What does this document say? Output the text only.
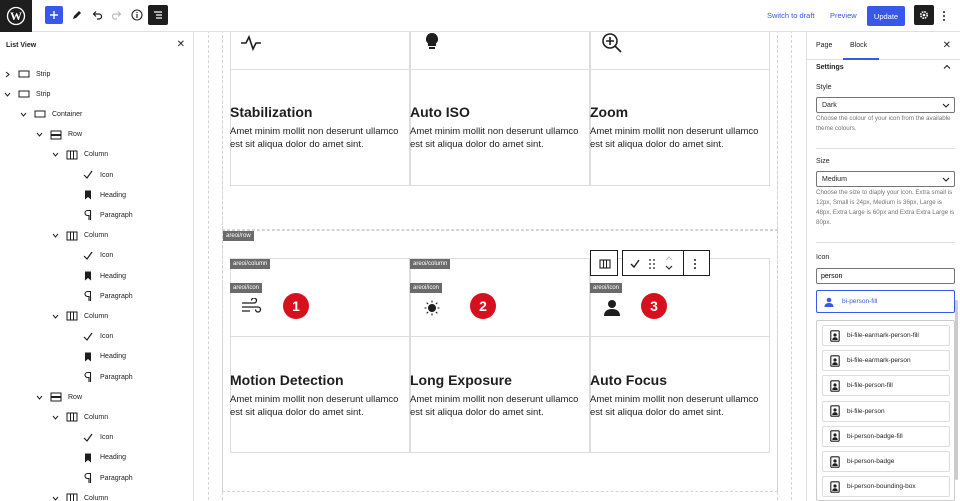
W	Switch to draft Preview	Update
List View	✕
Strip
Strip
Container
Row
Column
Icon
Heading
Paragraph
Column
Icon
Heading
Paragraph
Column
Icon
Heading
Paragraph
Row
Column
Icon
Heading
Paragraph
Column
Stabilization	Auto ISO	Zoom
Amet minim mollit non deserunt ullamco est sit aliqua dolor do amet sint.
Amet minim mollit non deserunt ullamco est sit aliqua dolor do amet sint.
Amet minim mollit non deserunt ullamco est sit aliqua dolor do amet sint.
areoi/row
areoi/column	areoi/column
areoi/icon	areoi/icon	areoi/icon
1	2	3
Motion Detection	Long Exposure	Auto Focus
Amet minim mollit non deserunt ullamco est sit aliqua dolor do amet sint.
Amet minim mollit non deserunt ullamco est sit aliqua dolor do amet sint.
Amet minim mollit non deserunt ullamco est sit aliqua dolor do amet sint.
Page	Block	✕
Settings
Style
Dark
Choose the colour of your icon from the available theme colours.
Size
Medium
Choose the size to diaply your icon. Extra small is 12px, Small is 24px, Medium is 36px, Large is 48px, Extra Large is 60px and Extra Extra Large is 80px.
Icon
person
bi-person-fill
bi-file-earmark-person-fill
bi-file-earmark-person
bi-file-person-fill
bi-file-person
bi-person-badge-fill
bi-person-badge
bi-person-bounding-box
